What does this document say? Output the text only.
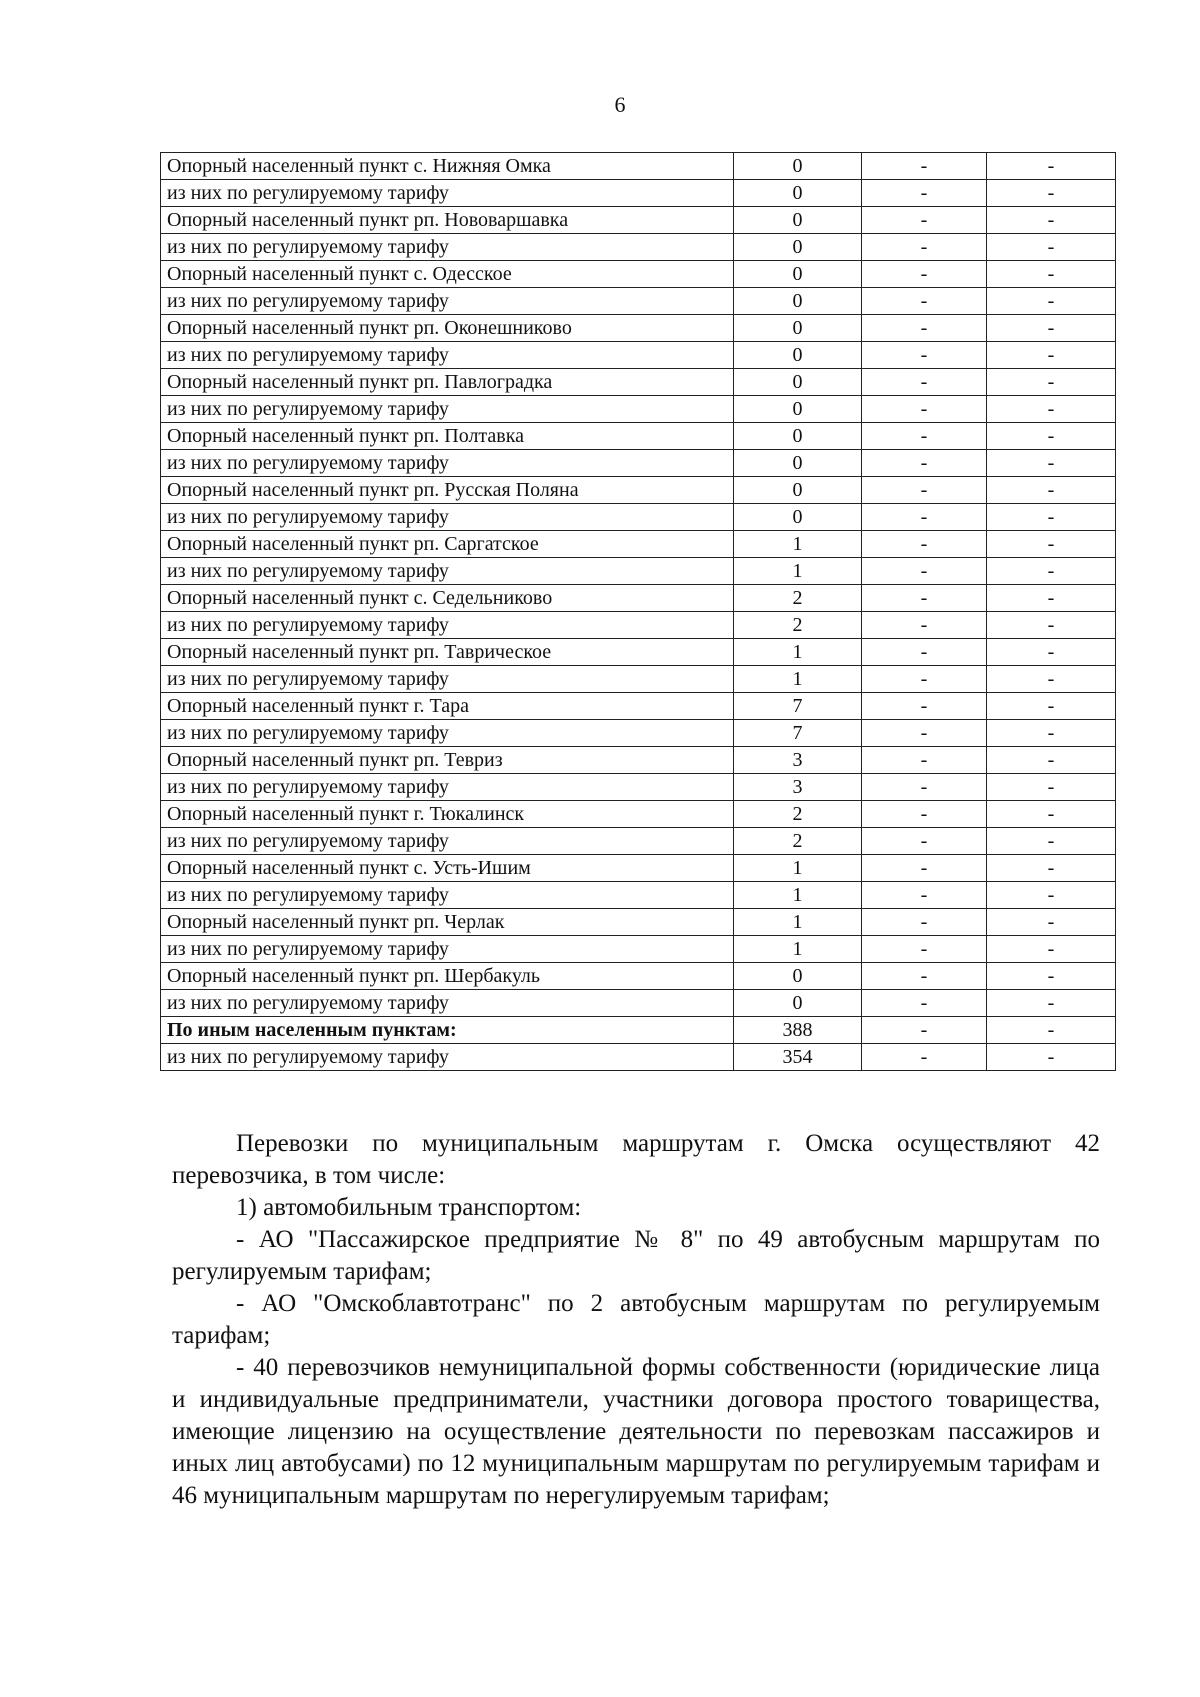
6
Опорный населенный пункт с. Нижняя Омка	0	-	-
из них по регулируемому тарифу	0	-	-
Опорный населенный пункт рп. Нововаршавка	0	-	-
из них по регулируемому тарифу	0	-	-
Опорный населенный пункт с. Одесское	0	-	-
из них по регулируемому тарифу	0	-	-
Опорный населенный пункт рп. Оконешниково	0	-	-
из них по регулируемому тарифу	0	-	-
Опорный населенный пункт рп. Павлоградка	0	-	-
из них по регулируемому тарифу	0	-	-
Опорный населенный пункт рп. Полтавка	0	-	-
из них по регулируемому тарифу	0	-	-
Опорный населенный пункт рп. Русская Поляна	0	-	-
из них по регулируемому тарифу	0	-	-
Опорный населенный пункт рп. Саргатское	1	-	-
из них по регулируемому тарифу	1	-	-
Опорный населенный пункт с. Седельниково	2	-	-
из них по регулируемому тарифу	2	-	-
Опорный населенный пункт рп. Таврическое	1	-	-
из них по регулируемому тарифу	1	-	-
Опорный населенный пункт г. Тара	7	-	-
из них по регулируемому тарифу	7	-	-
Опорный населенный пункт рп. Тевриз	3	-	-
из них по регулируемому тарифу	3	-	-
Опорный населенный пункт г. Тюкалинск	2	-	-
из них по регулируемому тарифу	2	-	-
Опорный населенный пункт с. Усть-Ишим	1	-	-
из них по регулируемому тарифу	1	-	-
Опорный населенный пункт рп. Черлак	1	-	-
из них по регулируемому тарифу	1	-	-
Опорный населенный пункт рп. Шербакуль	0	-	-
из них по регулируемому тарифу	0	-	-
По иным населенным пунктам:	388	-	-
из них по регулируемому тарифу	354	-	-

Перевозки по муниципальным маршрутам г. Омска осуществляют 42 перевозчика, в том числе:

1) автомобильным транспортом:

- АО "Пассажирское предприятие № 8" по 49 автобусным маршрутам по регулируемым тарифам;

- АО "Омскоблавтотранс" по 2 автобусным маршрутам по регулируемым тарифам;

- 40 перевозчиков немуниципальной формы собственности (юридические лица и индивидуальные предприниматели, участники договора простого товарищества, имеющие лицензию на осуществление деятельности по перевозкам пассажиров и иных лиц автобусами) по 12 муниципальным маршрутам по регулируемым тарифам и 46 муниципальным маршрутам по нерегулируемым тарифам;
